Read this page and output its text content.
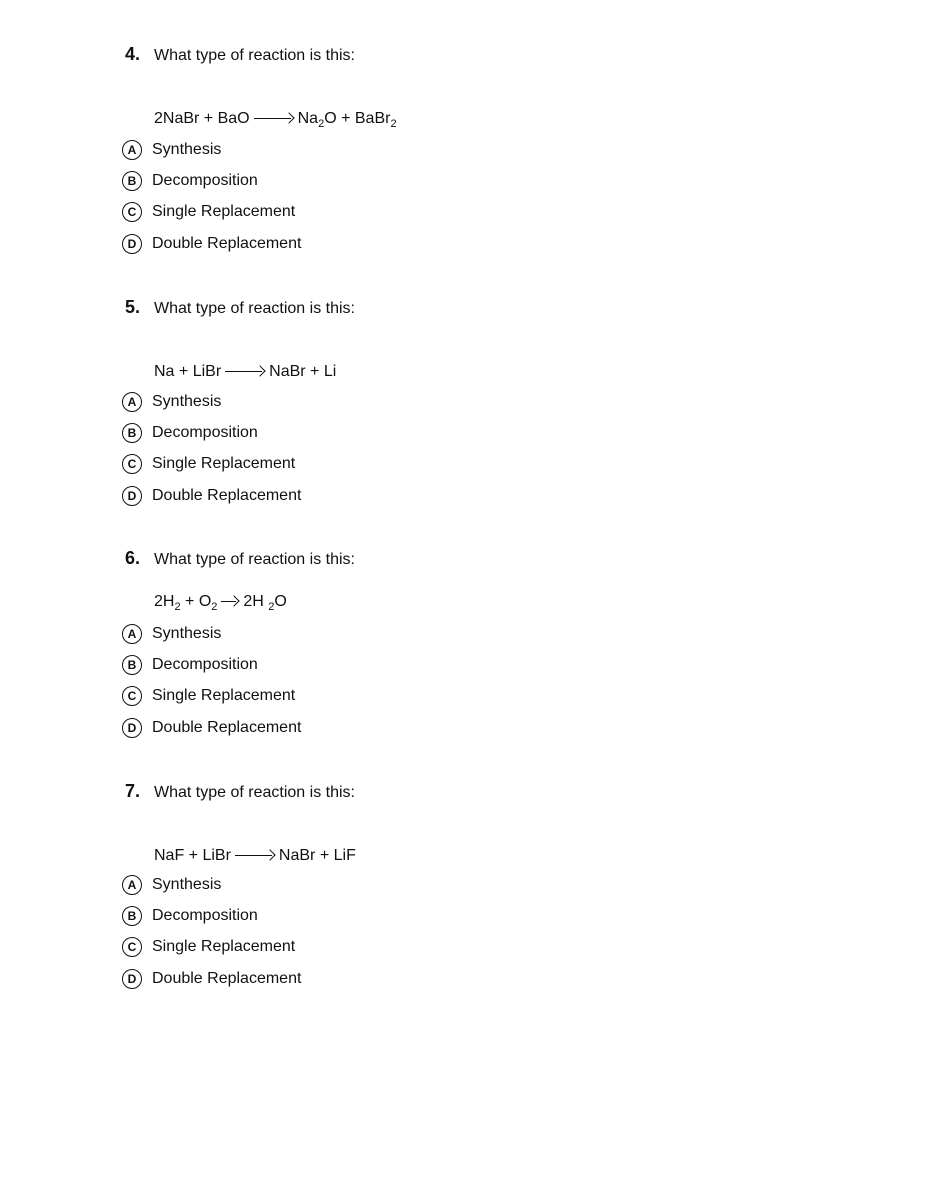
4. What type of reaction is this:
2NaBr + BaO	$Na_2O$ + BaBr$_2$
A Synthesis
B Decomposition
C Single Replacement
D Double Replacement
5. What type of reaction is this:
Na + LiBr	NaBr + Li
A Synthesis
B Decomposition
C Single Replacement
D Double Replacement
6. What type of reaction is this:
$2H_2 + O_2$ 2H $_2$O
A Synthesis
B Decomposition
C Single Replacement
D Double Replacement
7. What type of reaction is this:
NaF + LiBr	NaBr + LiF
A Synthesis
B Decomposition
C Single Replacement
D Double Replacement
